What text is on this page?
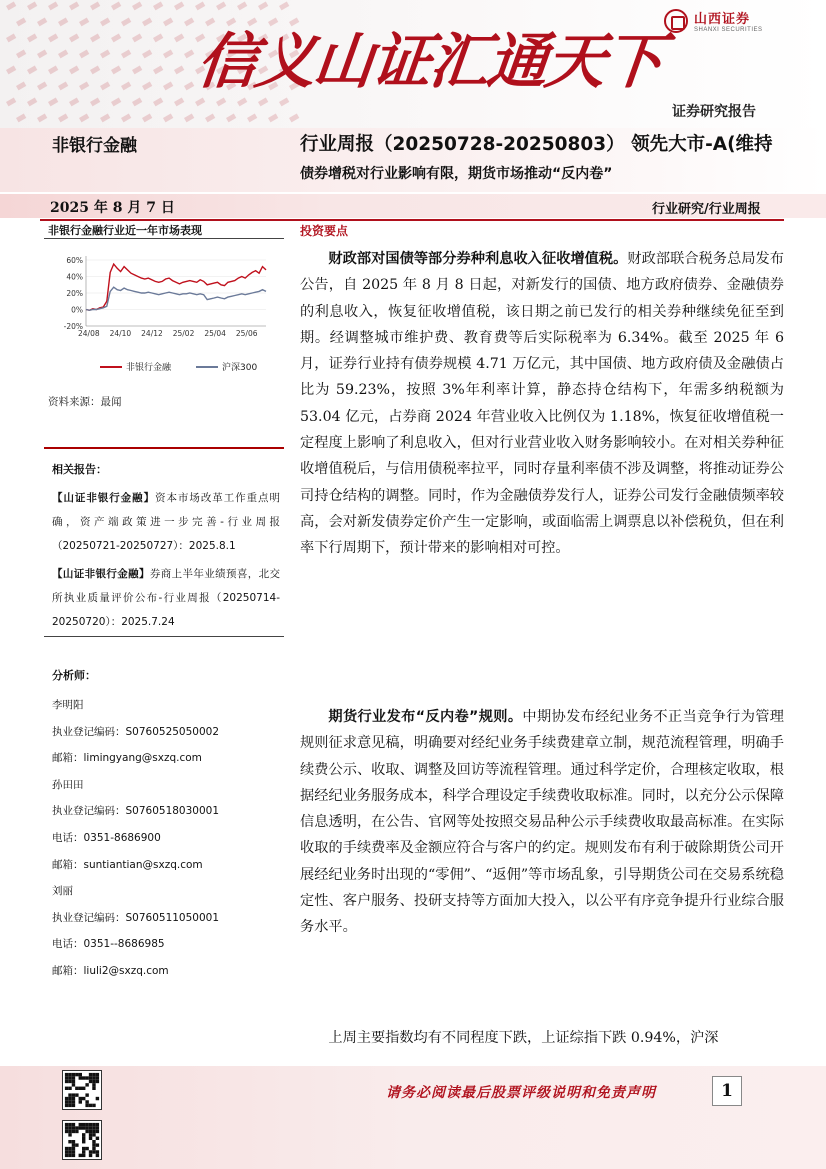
信义山证汇通天下
山西证券
SHANXI SECURITIES
证券研究报告
非银行金融	行业周报（20250728-20250803） 领先大市-A(维持
债券增税对行业影响有限，期货市场推动“反内卷”
2025 年 8 月 7 日	行业研究/行业周报
非银行金融行业近一年市场表现
60%
40%
20%
0%
-20%
24/08 24/10 24/12 25/02 25/04 25/06
非银行金融	沪深300
资料来源：最闻
相关报告：
【山证非银行金融】资本市场改革工作重点明确，资产端政策进一步完善-行业周报（20250721-20250727）：2025.8.1
【山证非银行金融】券商上半年业绩预喜，北交所执业质量评价公布-行业周报（20250714-20250720）：2025.7.24
分析师：
李明阳
执业登记编码：S0760525050002
邮箱：limingyang@sxzq.com
孙田田
执业登记编码：S0760518030001
电话：0351-8686900
邮箱：suntiantian@sxzq.com
刘丽
执业登记编码：S0760511050001
电话：0351--8686985
邮箱：liuli2@sxzq.com
投资要点
财政部对国债等部分券种利息收入征收增值税。财政部联合税务总局发布公告，自 2025 年 8 月 8 日起，对新发行的国债、地方政府债券、金融债券的利息收入，恢复征收增值税，该日期之前已发行的相关券种继续免征至到期。经调整城市维护费、教育费等后实际税率为 6.34%。截至 2025 年 6 月，证券行业持有债券规模 4.71 万亿元，其中国债、地方政府债及金融债占比为 59.23%，按照 3%年利率计算，静态持仓结构下，年需多纳税额为 53.04 亿元，占券商 2024 年营业收入比例仅为 1.18%，恢复征收增值税一定程度上影响了利息收入，但对行业营业收入财务影响较小。在对相关券种征收增值税后，与信用债税率拉平，同时存量利率债不涉及调整，将推动证券公司持仓结构的调整。同时，作为金融债券发行人，证券公司发行金融债频率较高，会对新发债券定价产生一定影响，或面临需上调票息以补偿税负，但在利率下行周期下，预计带来的影响相对可控。
期货行业发布“反内卷”规则。中期协发布经纪业务不正当竞争行为管理规则征求意见稿，明确要对经纪业务手续费建章立制，规范流程管理，明确手续费公示、收取、调整及回访等流程管理。通过科学定价，合理核定收取，根据经纪业务服务成本，科学合理设定手续费收取标准。同时，以充分公示保障信息透明，在公告、官网等处按照交易品种公示手续费收取最高标准。在实际收取的手续费率及金额应符合与客户的约定。规则发布有利于破除期货公司开展经纪业务时出现的“零佣”、“返佣”等市场乱象，引导期货公司在交易系统稳定性、客户服务、投研支持等方面加大投入，以公平有序竞争提升行业综合服务水平。
上周主要指数均有不同程度下跌，上证综指下跌 0.94%，沪深
请务必阅读最后股票评级说明和免责声明	1
